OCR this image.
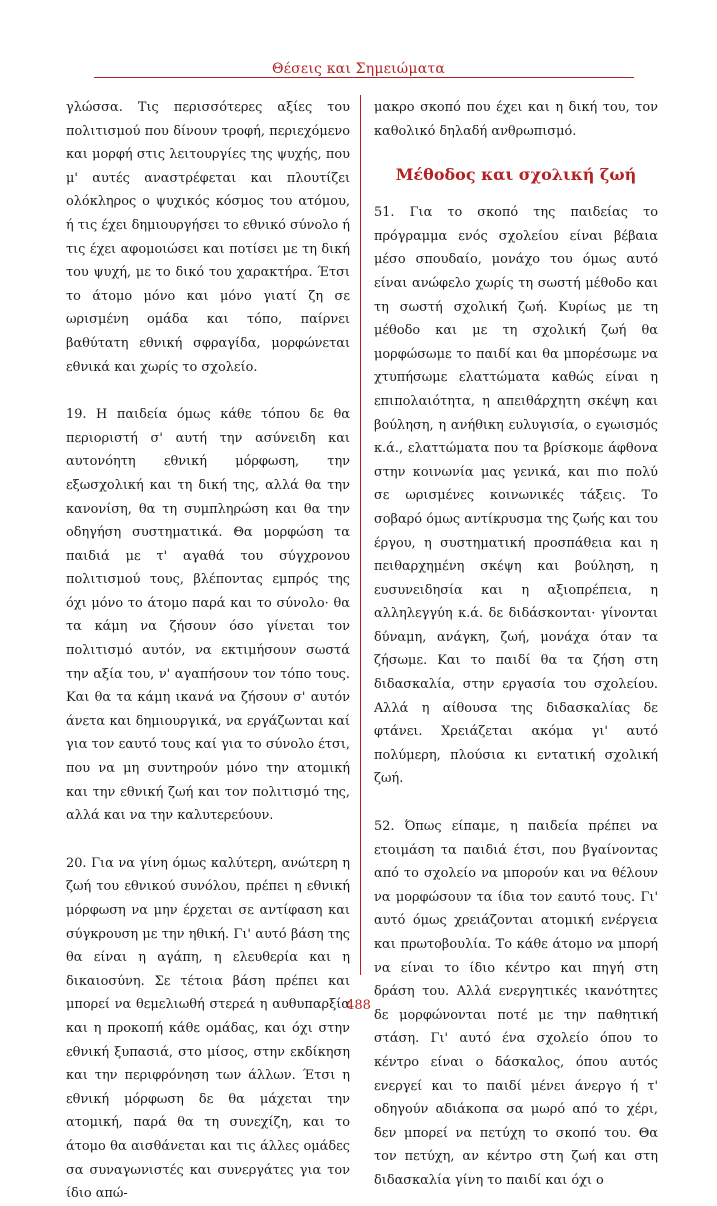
Θέσεις και Σημειώματα

γλώσσα. Τις περισσότερες αξίες του πολιτισμού που δίνουν τροφή, περιεχόμενο και μορφή στις λειτουργίες της ψυχής, που μ' αυτές αναστρέφεται και πλουτίζει ολόκληρος ο ψυχικός κόσμος του ατόμου, ή τις έχει δημιουργήσει το εθνικό σύνολο ή τις έχει αφομοιώσει και ποτίσει με τη δική του ψυχή, με το δικό του χαρακτήρα. Έτσι το άτομο μόνο και μόνο γιατί ζη σε ωρισμένη ομάδα και τόπο, παίρνει βαθύτατη εθνική σφραγίδα, μορφώνεται εθνικά και χωρίς το σχολείο.

19. Η παιδεία όμως κάθε τόπου δε θα περιοριστή σ' αυτή την ασύνειδη και αυτονόητη εθνική μόρφωση, την εξωσχολική και τη δική της, αλλά θα την κανονίση, θα τη συμπληρώση και θα την οδηγήση συστηματικά. Θα μορφώση τα παιδιά με τ' αγαθά του σύγχρονου πολιτισμού τους, βλέποντας εμπρός της όχι μόνο το άτομο παρά και το σύνολο· θα τα κάμη να ζήσουν όσο γίνεται τον πολιτισμό αυτόν, να εκτιμήσουν σωστά την αξία του, ν' αγαπήσουν τον τόπο τους. Και θα τα κάμη ικανά να ζήσουν σ' αυτόν άνετα και δημιουργικά, να εργάζωνται καί για τον εαυτό τους καί για το σύνολο έτσι, που να μη συντηρούν μόνο την ατομική και την εθνική ζωή και τον πολιτισμό της, αλλά και να την καλυτερεύουν.

20. Για να γίνη όμως καλύτερη, ανώτερη η ζωή του εθνικού συνόλου, πρέπει η εθνική μόρφωση να μην έρχεται σε αντίφαση και σύγκρουση με την ηθική. Γι' αυτό βάση της θα είναι η αγάπη, η ελευθερία και η δικαιοσύνη. Σε τέτοια βάση πρέπει και μπορεί να θεμελιωθή στερεά η αυθυπαρξία και η προκοπή κάθε ομάδας, και όχι στην εθνική ξυπασιά, στο μίσος, στην εκδίκηση και την περιφρόνηση των άλλων. Έτσι η εθνική μόρφωση δε θα μάχεται την ατομική, παρά θα τη συνεχίζη, και το άτομο θα αισθάνεται και τις άλλες ομάδες σα συναγωνιστές και συνεργάτες για τον ίδιο απώ-

μακρο σκοπό που έχει και η δική του, τον καθολικό δηλαδή ανθρωπισμό.

Μέθοδος και σχολική ζωή

51. Για το σκοπό της παιδείας το πρόγραμμα ενός σχολείου είναι βέβαια μέσο σπουδαίο, μονάχο του όμως αυτό είναι ανώφελο χωρίς τη σωστή μέθοδο και τη σωστή σχολική ζωή. Κυρίως με τη μέθοδο και με τη σχολική ζωή θα μορφώσωμε το παιδί και θα μπορέσωμε να χτυπήσωμε ελαττώματα καθώς είναι η επιπολαιότητα, η απειθάρχητη σκέψη και βούληση, η ανήθικη ευλυγισία, ο εγωισμός κ.ά., ελαττώματα που τα βρίσκομε άφθονα στην κοινωνία μας γενικά, και πιο πολύ σε ωρισμένες κοινωνικές τάξεις. Το σοβαρό όμως αντίκρυσμα της ζωής και του έργου, η συστηματική προσπάθεια και η πειθαρχημένη σκέψη και βούληση, η ευσυνειδησία και η αξιοπρέπεια, η αλληλεγγύη κ.ά. δε διδάσκονται· γίνονται δύναμη, ανάγκη, ζωή, μονάχα όταν τα ζήσωμε. Και το παιδί θα τα ζήση στη διδασκαλία, στην εργασία του σχολείου. Αλλά η αίθουσα της διδασκαλίας δε φτάνει. Χρειάζεται ακόμα γι' αυτό πολύμερη, πλούσια κι εντατική σχολική ζωή.

52. Όπως είπαμε, η παιδεία πρέπει να ετοιμάση τα παιδιά έτσι, που βγαίνοντας από το σχολείο να μπορούν και να θέλουν να μορφώσουν τα ίδια τον εαυτό τους. Γι' αυτό όμως χρειάζονται ατομική ενέργεια και πρωτοβουλία. Το κάθε άτομο να μπορή να είναι το ίδιο κέντρο και πηγή στη δράση του. Αλλά ενεργητικές ικανότητες δε μορφώνονται ποτέ με την παθητική στάση. Γι' αυτό ένα σχολείο όπου το κέντρο είναι ο δάσκαλος, όπου αυτός ενεργεί και το παιδί μένει άνεργο ή τ' οδηγούν αδιάκοπα σα μωρό από το χέρι, δεν μπορεί να πετύχη το σκοπό του. Θα τον πετύχη, αν κέντρο στη ζωή και στη διδασκαλία γίνη το παιδί και όχι ο

488
